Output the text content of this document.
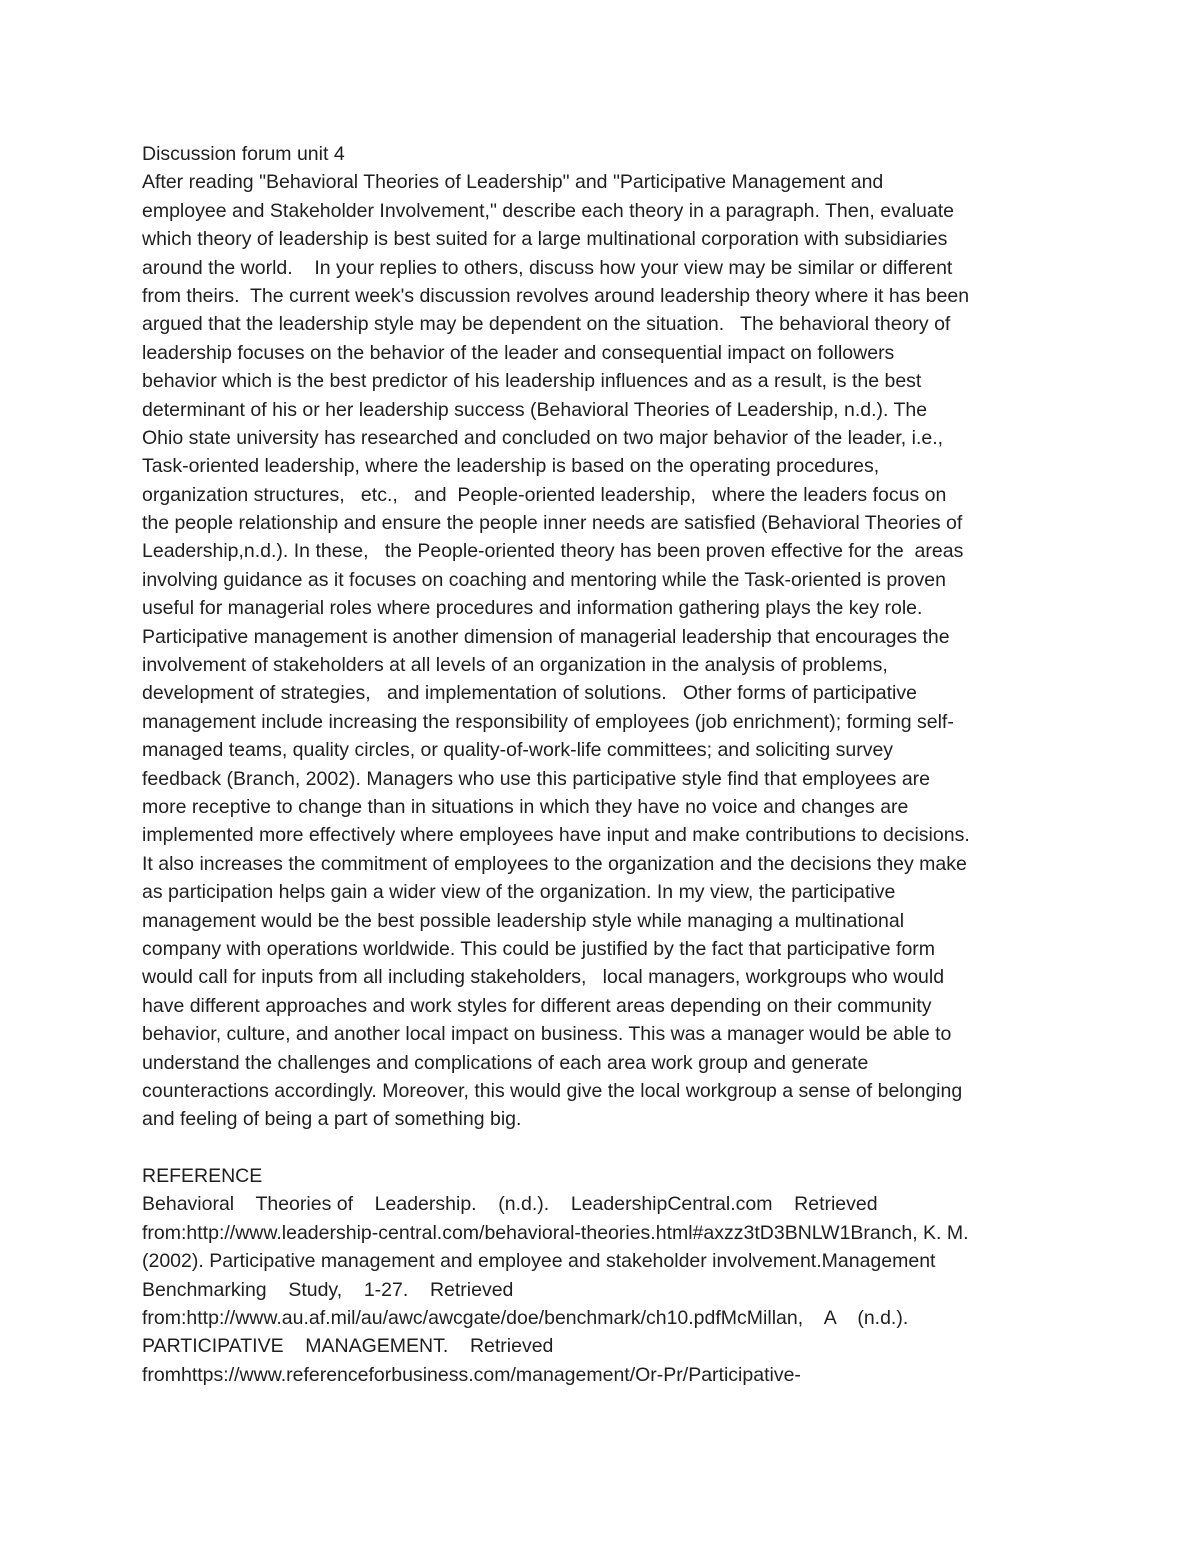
Discussion forum unit 4
After reading "Behavioral Theories of Leadership" and "Participative Management and
employee and Stakeholder Involvement," describe each theory in a paragraph. Then, evaluate
which theory of leadership is best suited for a large multinational corporation with subsidiaries
around the world.    In your replies to others, discuss how your view may be similar or different
from theirs.  The current week's discussion revolves around leadership theory where it has been
argued that the leadership style may be dependent on the situation.   The behavioral theory of
leadership focuses on the behavior of the leader and consequential impact on followers
behavior which is the best predictor of his leadership influences and as a result, is the best
determinant of his or her leadership success (Behavioral Theories of Leadership, n.d.). The
Ohio state university has researched and concluded on two major behavior of the leader, i.e.,
Task-oriented leadership, where the leadership is based on the operating procedures,
organization structures,   etc.,   and  People-oriented leadership,   where the leaders focus on
the people relationship and ensure the people inner needs are satisfied (Behavioral Theories of
Leadership,n.d.). In these,   the People-oriented theory has been proven effective for the  areas
involving guidance as it focuses on coaching and mentoring while the Task-oriented is proven
useful for managerial roles where procedures and information gathering plays the key role.
Participative management is another dimension of managerial leadership that encourages the
involvement of stakeholders at all levels of an organization in the analysis of problems,
development of strategies,   and implementation of solutions.   Other forms of participative
management include increasing the responsibility of employees (job enrichment); forming self-
managed teams, quality circles, or quality-of-work-life committees; and soliciting survey
feedback (Branch, 2002). Managers who use this participative style find that employees are
more receptive to change than in situations in which they have no voice and changes are
implemented more effectively where employees have input and make contributions to decisions.
It also increases the commitment of employees to the organization and the decisions they make
as participation helps gain a wider view of the organization. In my view, the participative
management would be the best possible leadership style while managing a multinational
company with operations worldwide. This could be justified by the fact that participative form
would call for inputs from all including stakeholders,   local managers, workgroups who would
have different approaches and work styles for different areas depending on their community
behavior, culture, and another local impact on business. This was a manager would be able to
understand the challenges and complications of each area work group and generate
counteractions accordingly. Moreover, this would give the local workgroup a sense of belonging
and feeling of being a part of something big.
REFERENCE
Behavioral    Theories of    Leadership.    (n.d.).    LeadershipCentral.com    Retrieved
from:http://www.leadership-central.com/behavioral-theories.html#axzz3tD3BNLW1Branch, K. M.
(2002). Participative management and employee and stakeholder involvement.Management
Benchmarking    Study,    1-27.    Retrieved
from:http://www.au.af.mil/au/awc/awcgate/doe/benchmark/ch10.pdfMcMillan,    A    (n.d.).
PARTICIPATIVE    MANAGEMENT.    Retrieved
fromhttps://www.referenceforbusiness.com/management/Or-Pr/Participative-
